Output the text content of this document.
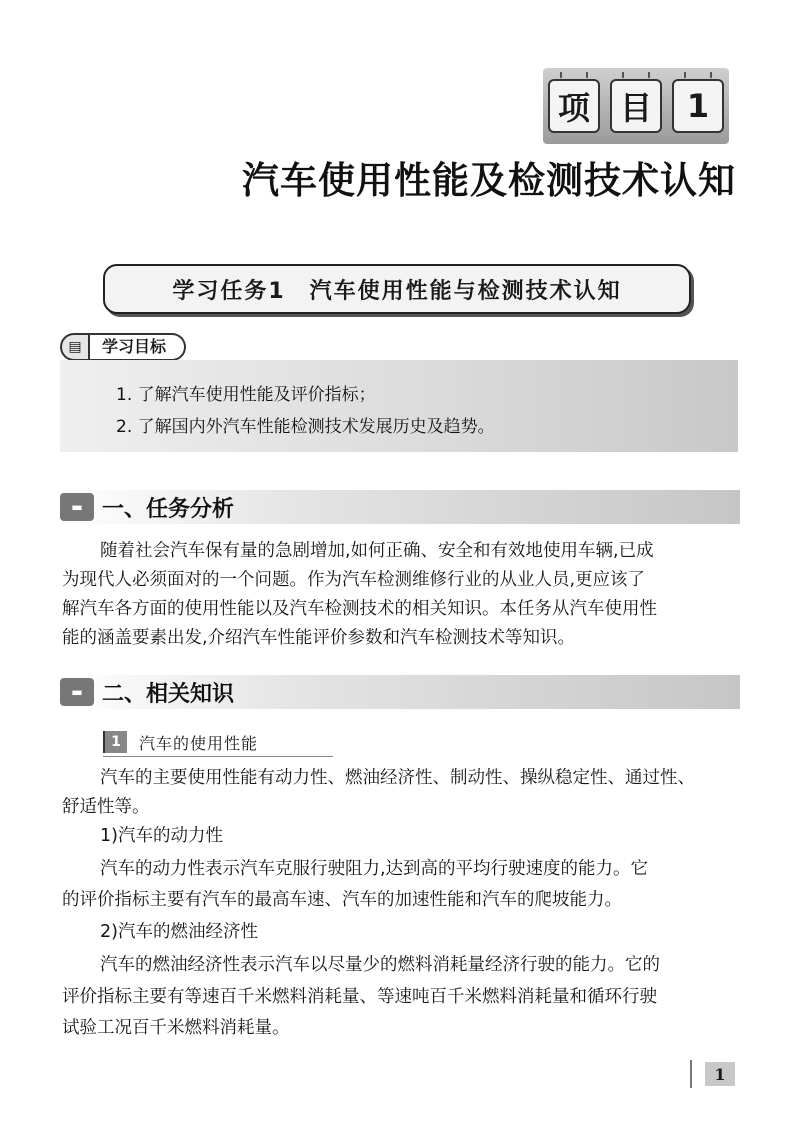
项 目	1
汽车使用性能及检测技术认知
学习任务1　汽车使用性能与检测技术认知
▤	学习目标
1. 了解汽车使用性能及评价指标；
2. 了解国内外汽车性能检测技术发展历史及趋势。
▬ 一、任务分析
随着社会汽车保有量的急剧增加,如何正确、安全和有效地使用车辆,已成
为现代人必须面对的一个问题。作为汽车检测维修行业的从业人员,更应该了
解汽车各方面的使用性能以及汽车检测技术的相关知识。本任务从汽车使用性
能的涵盖要素出发,介绍汽车性能评价参数和汽车检测技术等知识。
▬ 二、相关知识
1	汽车的使用性能
汽车的主要使用性能有动力性、燃油经济性、制动性、操纵稳定性、通过性、
舒适性等。
1)汽车的动力性
汽车的动力性表示汽车克服行驶阻力,达到高的平均行驶速度的能力。它
的评价指标主要有汽车的最高车速、汽车的加速性能和汽车的爬坡能力。
2)汽车的燃油经济性
汽车的燃油经济性表示汽车以尽量少的燃料消耗量经济行驶的能力。它的
评价指标主要有等速百千米燃料消耗量、等速吨百千米燃料消耗量和循环行驶
试验工况百千米燃料消耗量。
1
